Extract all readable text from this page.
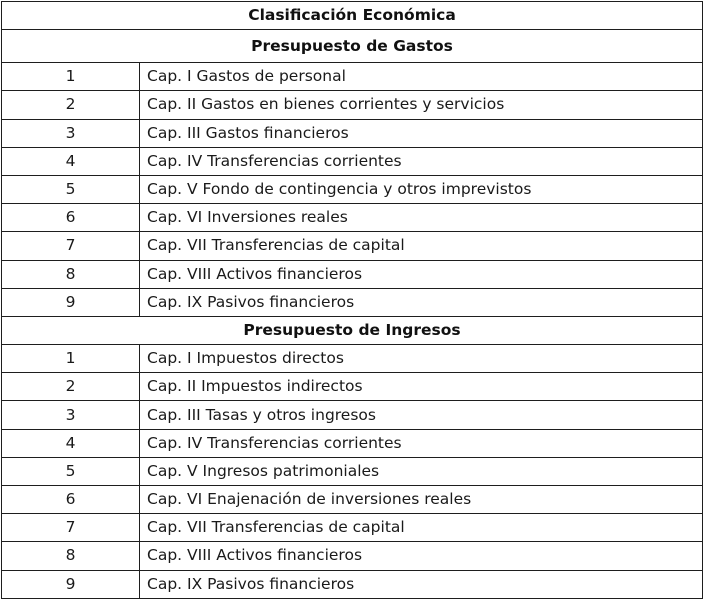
Clasificación Económica	
Presupuesto de Gastos	
1	Cap. I Gastos de personal
2	Cap. II Gastos en bienes corrientes y servicios
3	Cap. III Gastos financieros
4	Cap. IV Transferencias corrientes
5	Cap. V Fondo de contingencia y otros imprevistos
6	Cap. VI Inversiones reales
7	Cap. VII Transferencias de capital
8	Cap. VIII Activos financieros
9	Cap. IX Pasivos financieros
Presupuesto de Ingresos	
1	Cap. I Impuestos directos
2	Cap. II Impuestos indirectos
3	Cap. III Tasas y otros ingresos
4	Cap. IV Transferencias corrientes
5	Cap. V Ingresos patrimoniales
6	Cap. VI Enajenación de inversiones reales
7	Cap. VII Transferencias de capital
8	Cap. VIII Activos financieros
9	Cap. IX Pasivos financieros
